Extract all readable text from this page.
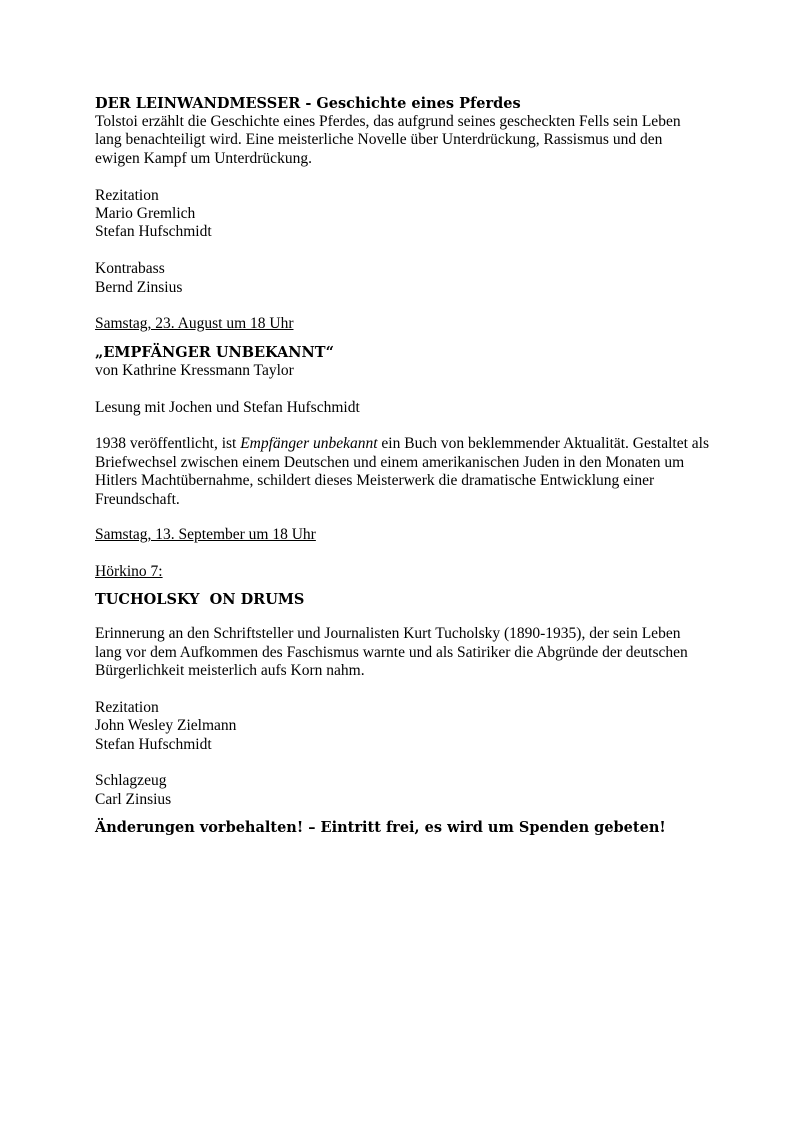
DER LEINWANDMESSER - Geschichte eines Pferdes

Tolstoi erzählt die Geschichte eines Pferdes, das aufgrund seines gescheckten Fells sein Leben lang benachteiligt wird. Eine meisterliche Novelle über Unterdrückung, Rassismus und den ewigen Kampf um Unterdrückung.

Rezitation

Mario Gremlich

Stefan Hufschmidt

Kontrabass

Bernd Zinsius

Samstag, 23. August um 18 Uhr

„EMPFÄNGER UNBEKANNT“

von Kathrine Kressmann Taylor

Lesung mit Jochen und Stefan Hufschmidt

1938 veröffentlicht, ist Empfänger unbekannt ein Buch von beklemmender Aktualität. Gestaltet als Briefwechsel zwischen einem Deutschen und einem amerikanischen Juden in den Monaten um Hitlers Machtübernahme, schildert dieses Meisterwerk die dramatische Entwicklung einer Freundschaft.

Samstag, 13. September um 18 Uhr

Hörkino 7:

TUCHOLSKY  ON DRUMS

Erinnerung an den Schriftsteller und Journalisten Kurt Tucholsky (1890-1935), der sein Leben lang vor dem Aufkommen des Faschismus warnte und als Satiriker die Abgründe der deutschen Bürgerlichkeit meisterlich aufs Korn nahm.

Rezitation

John Wesley Zielmann

Stefan Hufschmidt

Schlagzeug

Carl Zinsius

Änderungen vorbehalten! – Eintritt frei, es wird um Spenden gebeten!
